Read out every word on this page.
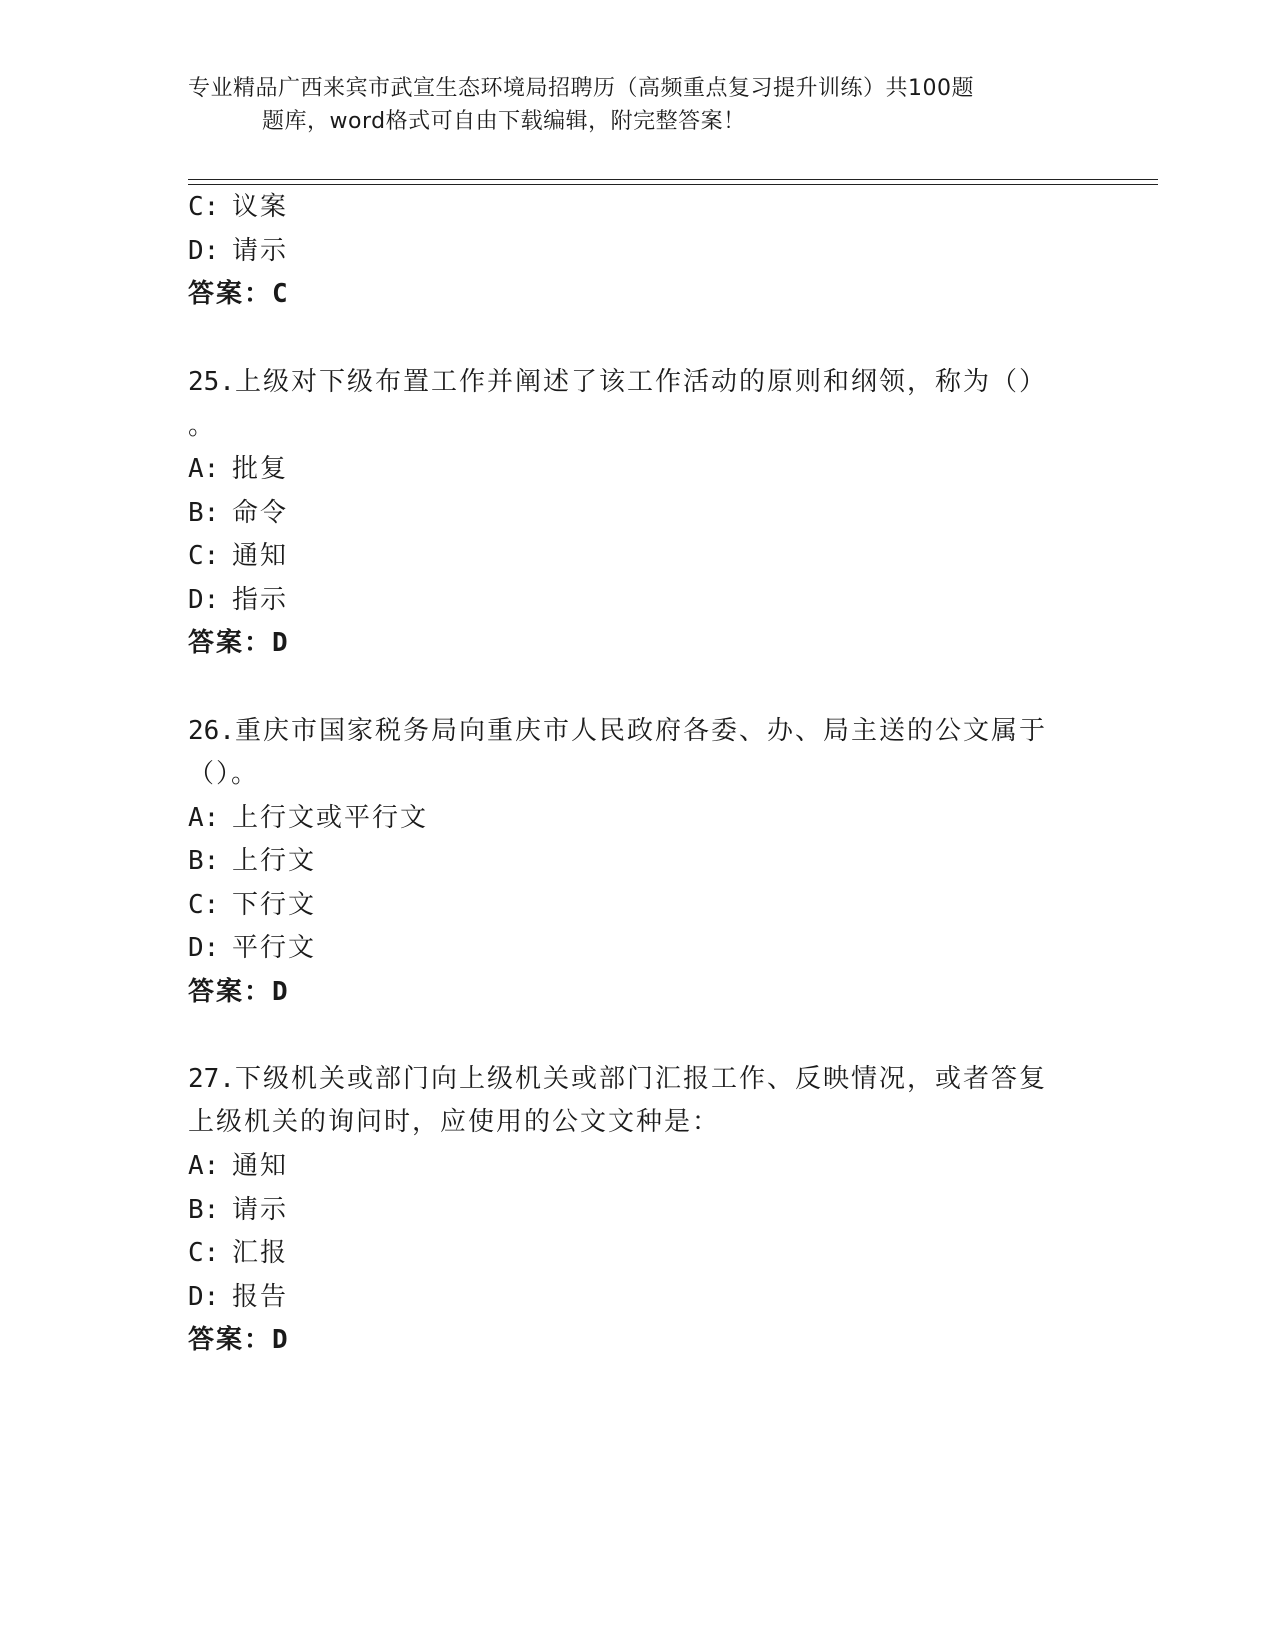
专业精品广西来宾市武宣生态环境局招聘历（高频重点复习提升训练）共100题
题库，word格式可自由下载编辑，附完整答案！
C: 议案
D: 请示
答案：C
25.上级对下级布置工作并阐述了该工作活动的原则和纲领，称为（）
。
A: 批复
B: 命令
C: 通知
D: 指示
答案：D
26.重庆市国家税务局向重庆市人民政府各委、办、局主送的公文属于
（）。
A: 上行文或平行文
B: 上行文
C: 下行文
D: 平行文
答案：D
27.下级机关或部门向上级机关或部门汇报工作、反映情况，或者答复
上级机关的询问时，应使用的公文文种是：
A: 通知
B: 请示
C: 汇报
D: 报告
答案：D
